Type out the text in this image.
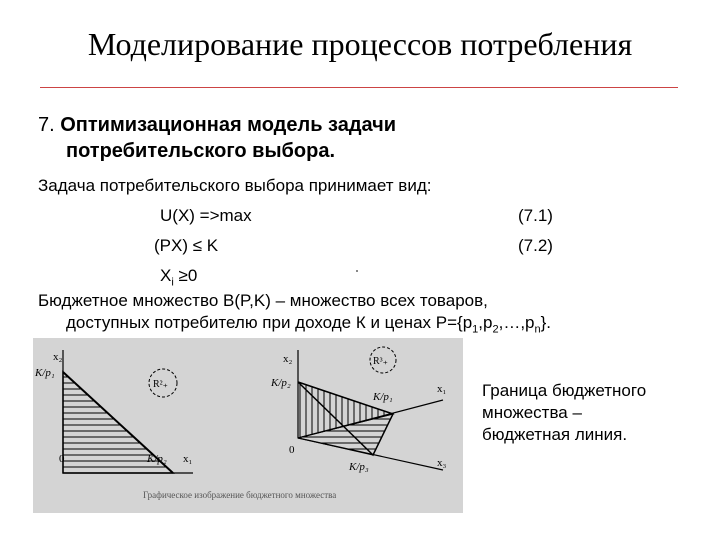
Моделирование процессов потребления
7. Оптимизационная модель задачи
потребительского выбора.
Задача потребительского выбора принимает вид:
U(X) =>max	(7.1)
(PX) ≤ K	(7.2)
$X_i \ge 0$
Бюджетное множество B(P,K) – множество всех товаров,
доступных потребителю при доходе К и ценах $P=\{p_1,p_2,\dots,p_n\}$.
x₂
K/p₁
R²₊
0	K/p₂ x₁
x₂
K/p₂
K/p₁
x₁
0
K/p₃	x₃
R³₊
Графическое изображение бюджетного множества
Граница бюджетного
множества –
бюджетная линия.
